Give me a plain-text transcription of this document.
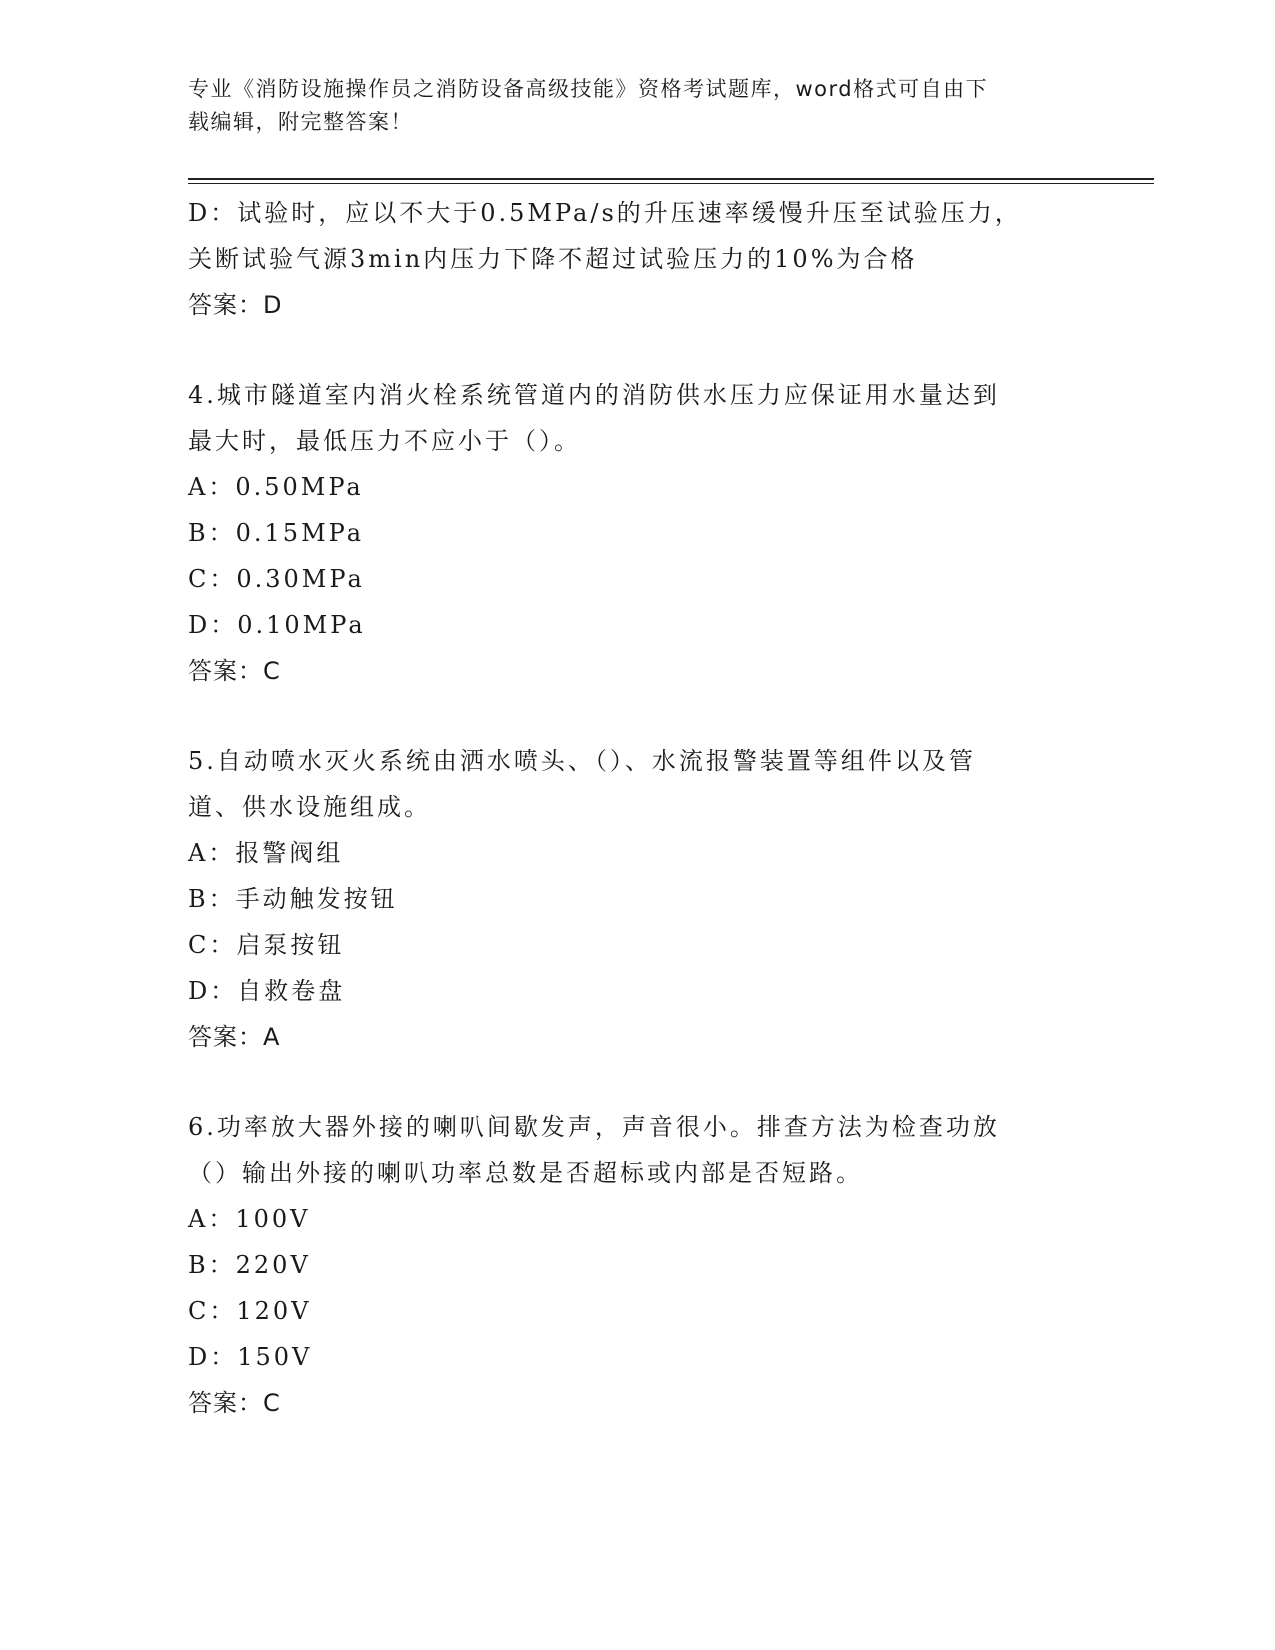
专业《消防设施操作员之消防设备高级技能》资格考试题库，word格式可自由下
载编辑，附完整答案！
D：试验时，应以不大于0.5MPa/s的升压速率缓慢升压至试验压力，
关断试验气源3min内压力下降不超过试验压力的10%为合格
答案：D
4.城市隧道室内消火栓系统管道内的消防供水压力应保证用水量达到
最大时，最低压力不应小于（）。
A：0.50MPa
B：0.15MPa
C：0.30MPa
D：0.10MPa
答案：C
5.自动喷水灭火系统由洒水喷头、（）、水流报警装置等组件以及管
道、供水设施组成。
A：报警阀组
B：手动触发按钮
C：启泵按钮
D：自救卷盘
答案：A
6.功率放大器外接的喇叭间歇发声，声音很小。排查方法为检查功放
（）输出外接的喇叭功率总数是否超标或内部是否短路。
A：100V
B：220V
C：120V
D：150V
答案：C
